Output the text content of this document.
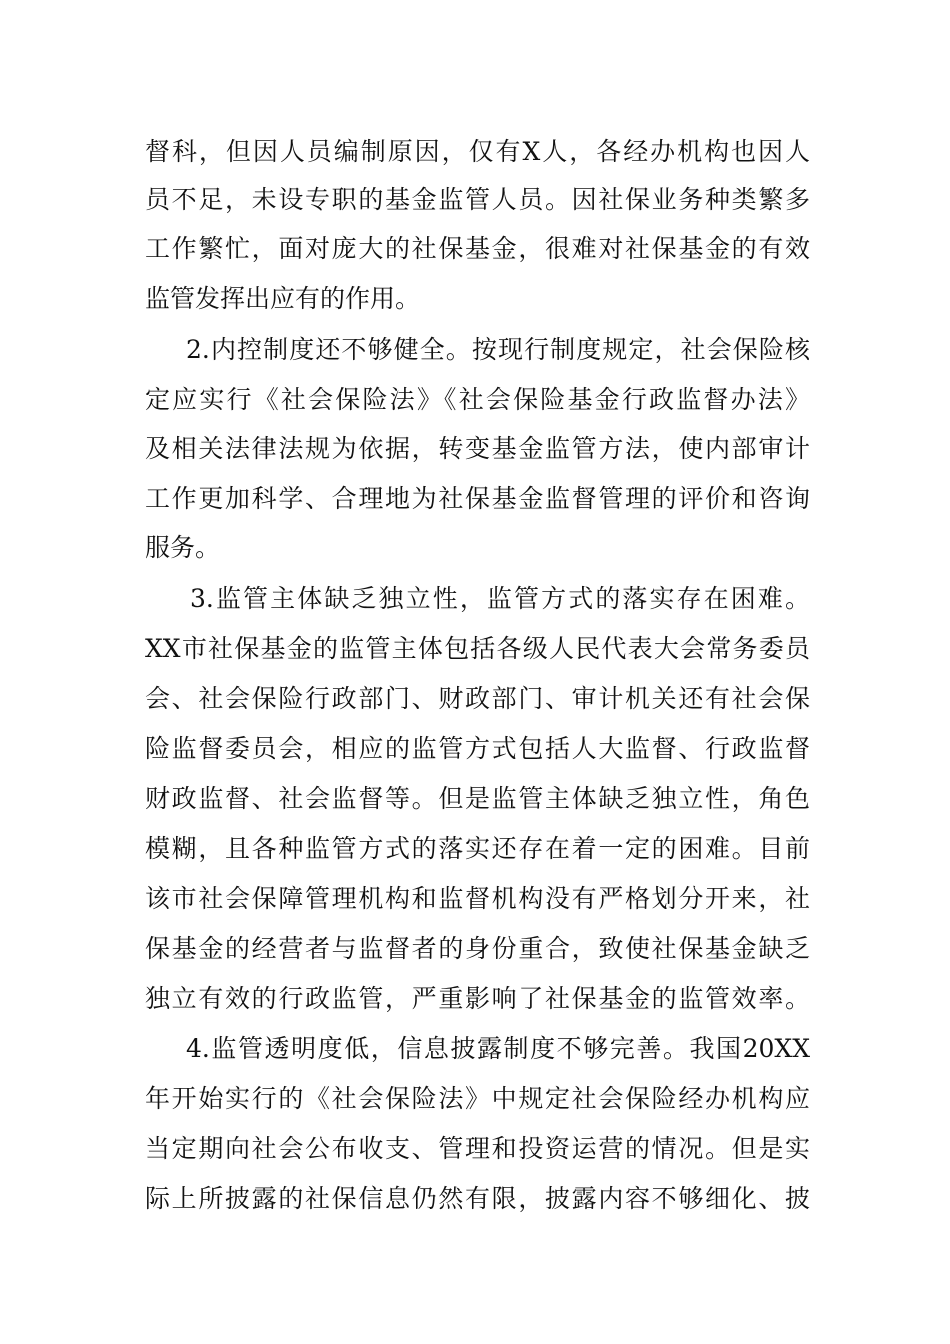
督科，但因人员编制原因，仅有X人，各经办机构也因人
员不足，未设专职的基金监管人员。因社保业务种类繁多
工作繁忙，面对庞大的社保基金，很难对社保基金的有效
监管发挥出应有的作用。
2.内控制度还不够健全。按现行制度规定，社会保险核
定应实行《社会保险法》《社会保险基金行政监督办法》
及相关法律法规为依据，转变基金监管方法，使内部审计
工作更加科学、合理地为社保基金监督管理的评价和咨询
服务。
3.监管主体缺乏独立性，监管方式的落实存在困难。
XX市社保基金的监管主体包括各级人民代表大会常务委员
会、社会保险行政部门、财政部门、审计机关还有社会保
险监督委员会，相应的监管方式包括人大监督、行政监督
财政监督、社会监督等。但是监管主体缺乏独立性，角色
模糊，且各种监管方式的落实还存在着一定的困难。目前
该市社会保障管理机构和监督机构没有严格划分开来，社
保基金的经营者与监督者的身份重合，致使社保基金缺乏
独立有效的行政监管，严重影响了社保基金的监管效率。
4.监管透明度低，信息披露制度不够完善。我国20XX
年开始实行的《社会保险法》中规定社会保险经办机构应
当定期向社会公布收支、管理和投资运营的情况。但是实
际上所披露的社保信息仍然有限，披露内容不够细化、披
